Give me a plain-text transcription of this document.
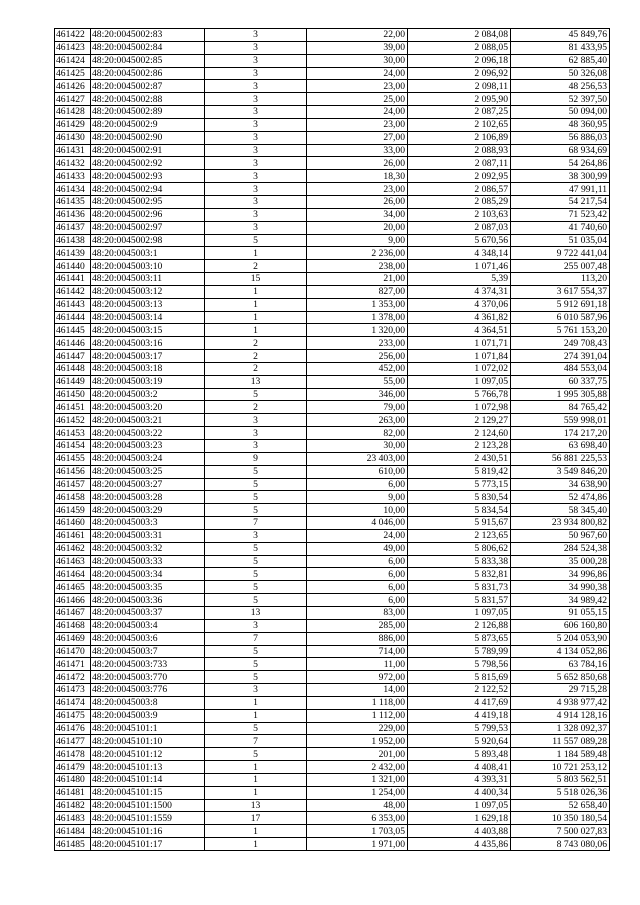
461422	48:20:0045002:83	3	22,00	2 084,08	45 849,76
461423	48:20:0045002:84	3	39,00	2 088,05	81 433,95
461424	48:20:0045002:85	3	30,00	2 096,18	62 885,40
461425	48:20:0045002:86	3	24,00	2 096,92	50 326,08
461426	48:20:0045002:87	3	23,00	2 098,11	48 256,53
461427	48:20:0045002:88	3	25,00	2 095,90	52 397,50
461428	48:20:0045002:89	3	24,00	2 087,25	50 094,00
461429	48:20:0045002:9	3	23,00	2 102,65	48 360,95
461430	48:20:0045002:90	3	27,00	2 106,89	56 886,03
461431	48:20:0045002:91	3	33,00	2 088,93	68 934,69
461432	48:20:0045002:92	3	26,00	2 087,11	54 264,86
461433	48:20:0045002:93	3	18,30	2 092,95	38 300,99
461434	48:20:0045002:94	3	23,00	2 086,57	47 991,11
461435	48:20:0045002:95	3	26,00	2 085,29	54 217,54
461436	48:20:0045002:96	3	34,00	2 103,63	71 523,42
461437	48:20:0045002:97	3	20,00	2 087,03	41 740,60
461438	48:20:0045002:98	5	9,00	5 670,56	51 035,04
461439	48:20:0045003:1	1	2 236,00	4 348,14	9 722 441,04
461440	48:20:0045003:10	2	238,00	1 071,46	255 007,48
461441	48:20:0045003:11	15	21,00	5,39	113,20
461442	48:20:0045003:12	1	827,00	4 374,31	3 617 554,37
461443	48:20:0045003:13	1	1 353,00	4 370,06	5 912 691,18
461444	48:20:0045003:14	1	1 378,00	4 361,82	6 010 587,96
461445	48:20:0045003:15	1	1 320,00	4 364,51	5 761 153,20
461446	48:20:0045003:16	2	233,00	1 071,71	249 708,43
461447	48:20:0045003:17	2	256,00	1 071,84	274 391,04
461448	48:20:0045003:18	2	452,00	1 072,02	484 553,04
461449	48:20:0045003:19	13	55,00	1 097,05	60 337,75
461450	48:20:0045003:2	5	346,00	5 766,78	1 995 305,88
461451	48:20:0045003:20	2	79,00	1 072,98	84 765,42
461452	48:20:0045003:21	3	263,00	2 129,27	559 998,01
461453	48:20:0045003:22	3	82,00	2 124,60	174 217,20
461454	48:20:0045003:23	3	30,00	2 123,28	63 698,40
461455	48:20:0045003:24	9	23 403,00	2 430,51	56 881 225,53
461456	48:20:0045003:25	5	610,00	5 819,42	3 549 846,20
461457	48:20:0045003:27	5	6,00	5 773,15	34 638,90
461458	48:20:0045003:28	5	9,00	5 830,54	52 474,86
461459	48:20:0045003:29	5	10,00	5 834,54	58 345,40
461460	48:20:0045003:3	7	4 046,00	5 915,67	23 934 800,82
461461	48:20:0045003:31	3	24,00	2 123,65	50 967,60
461462	48:20:0045003:32	5	49,00	5 806,62	284 524,38
461463	48:20:0045003:33	5	6,00	5 833,38	35 000,28
461464	48:20:0045003:34	5	6,00	5 832,81	34 996,86
461465	48:20:0045003:35	5	6,00	5 831,73	34 990,38
461466	48:20:0045003:36	5	6,00	5 831,57	34 989,42
461467	48:20:0045003:37	13	83,00	1 097,05	91 055,15
461468	48:20:0045003:4	3	285,00	2 126,88	606 160,80
461469	48:20:0045003:6	7	886,00	5 873,65	5 204 053,90
461470	48:20:0045003:7	5	714,00	5 789,99	4 134 052,86
461471	48:20:0045003:733	5	11,00	5 798,56	63 784,16
461472	48:20:0045003:770	5	972,00	5 815,69	5 652 850,68
461473	48:20:0045003:776	3	14,00	2 122,52	29 715,28
461474	48:20:0045003:8	1	1 118,00	4 417,69	4 938 977,42
461475	48:20:0045003:9	1	1 112,00	4 419,18	4 914 128,16
461476	48:20:0045101:1	5	229,00	5 799,53	1 328 092,37
461477	48:20:0045101:10	7	1 952,00	5 920,64	11 557 089,28
461478	48:20:0045101:12	5	201,00	5 893,48	1 184 589,48
461479	48:20:0045101:13	1	2 432,00	4 408,41	10 721 253,12
461480	48:20:0045101:14	1	1 321,00	4 393,31	5 803 562,51
461481	48:20:0045101:15	1	1 254,00	4 400,34	5 518 026,36
461482	48:20:0045101:1500	13	48,00	1 097,05	52 658,40
461483	48:20:0045101:1559	17	6 353,00	1 629,18	10 350 180,54
461484	48:20:0045101:16	1	1 703,05	4 403,88	7 500 027,83
461485	48:20:0045101:17	1	1 971,00	4 435,86	8 743 080,06
